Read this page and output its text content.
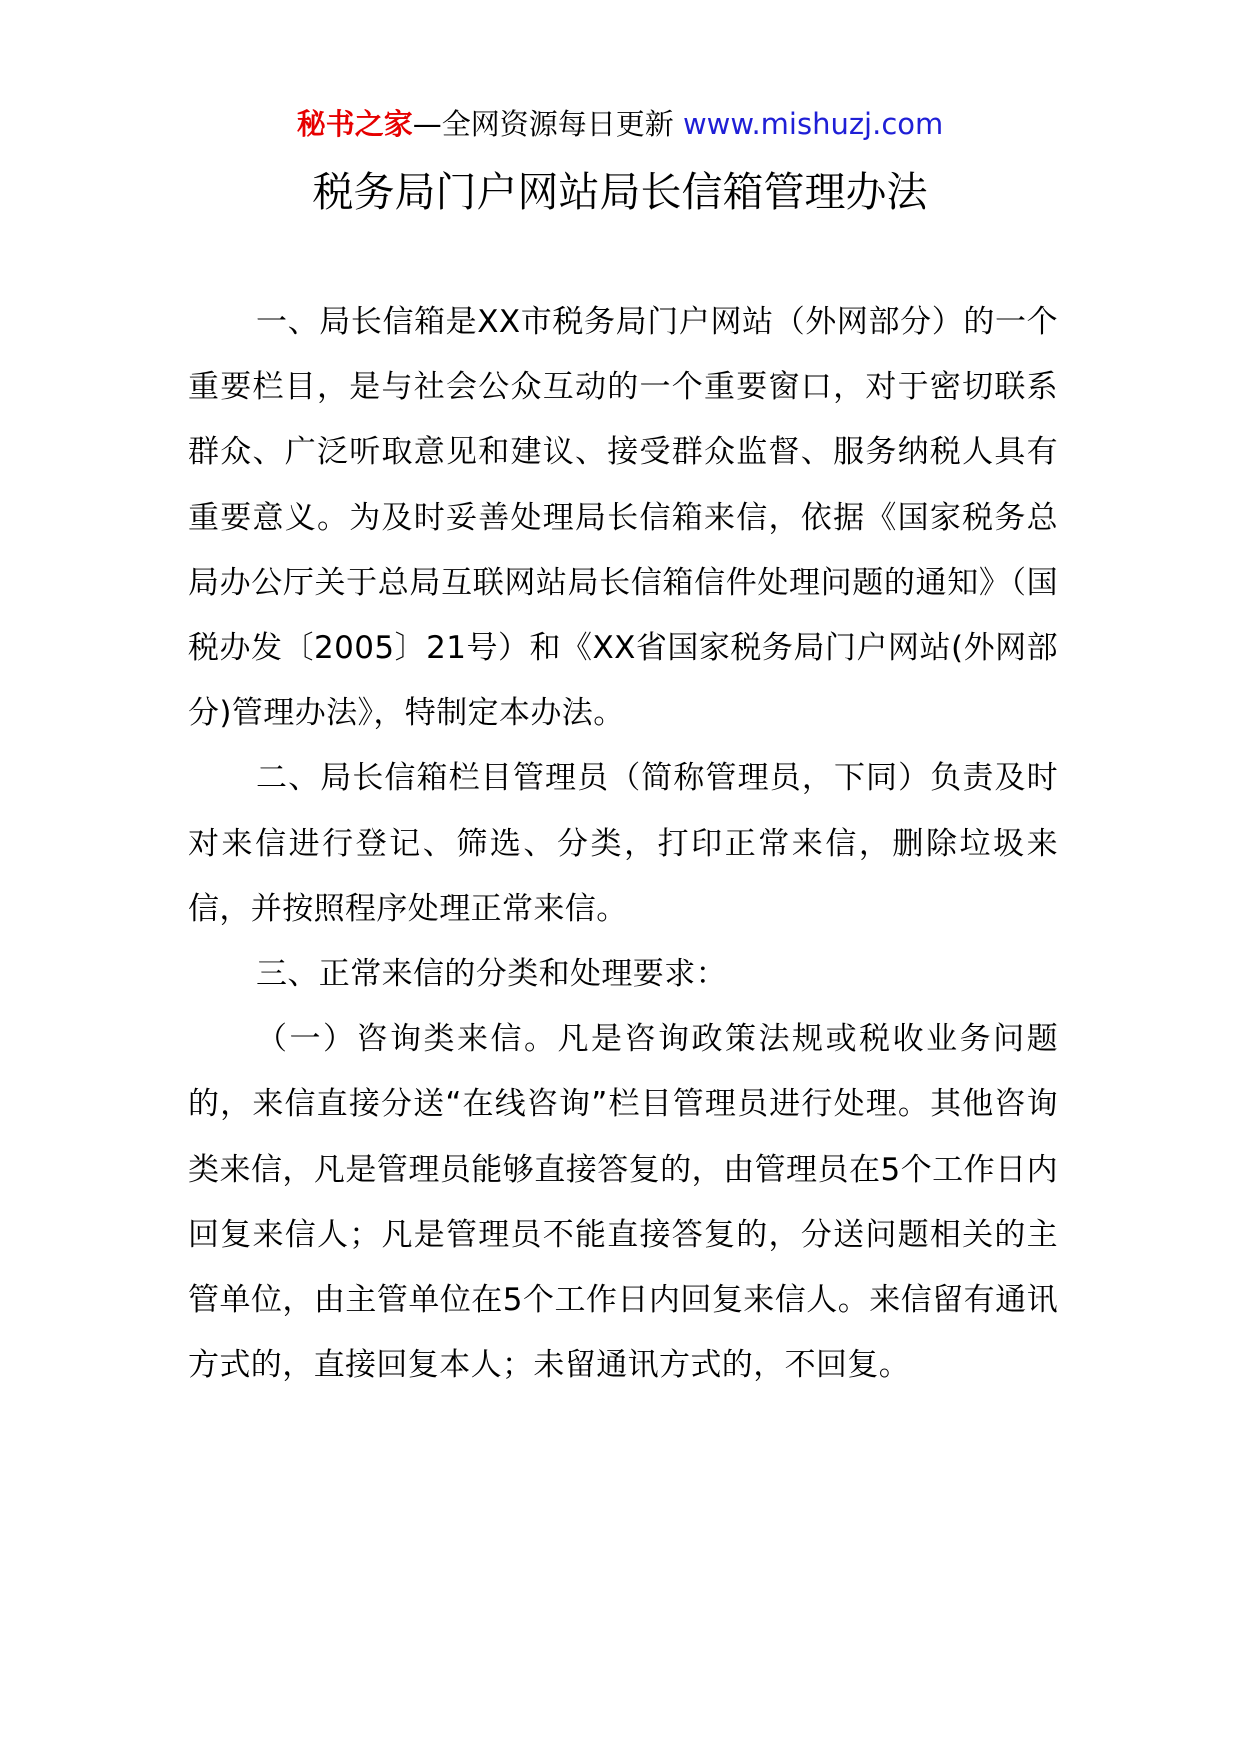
秘书之家—全网资源每日更新 www.mishuzj.com
税务局门户网站局长信箱管理办法

一、局长信箱是XX市税务局门户网站（外网部分）的一个重要栏目，是与社会公众互动的一个重要窗口，对于密切联系群众、广泛听取意见和建议、接受群众监督、服务纳税人具有重要意义。为及时妥善处理局长信箱来信，依据《国家税务总局办公厅关于总局互联网站局长信箱信件处理问题的通知》（国税办发〔2005〕21号）和《XX省国家税务局门户网站(外网部分)管理办法》，特制定本办法。

二、局长信箱栏目管理员（简称管理员，下同）负责及时对来信进行登记、筛选、分类，打印正常来信，删除垃圾来信，并按照程序处理正常来信。

三、正常来信的分类和处理要求：

（一）咨询类来信。凡是咨询政策法规或税收业务问题的，来信直接分送“在线咨询”栏目管理员进行处理。其他咨询类来信，凡是管理员能够直接答复的，由管理员在5个工作日内回复来信人；凡是管理员不能直接答复的，分送问题相关的主管单位，由主管单位在5个工作日内回复来信人。来信留有通讯方式的，直接回复本人；未留通讯方式的，不回复。
